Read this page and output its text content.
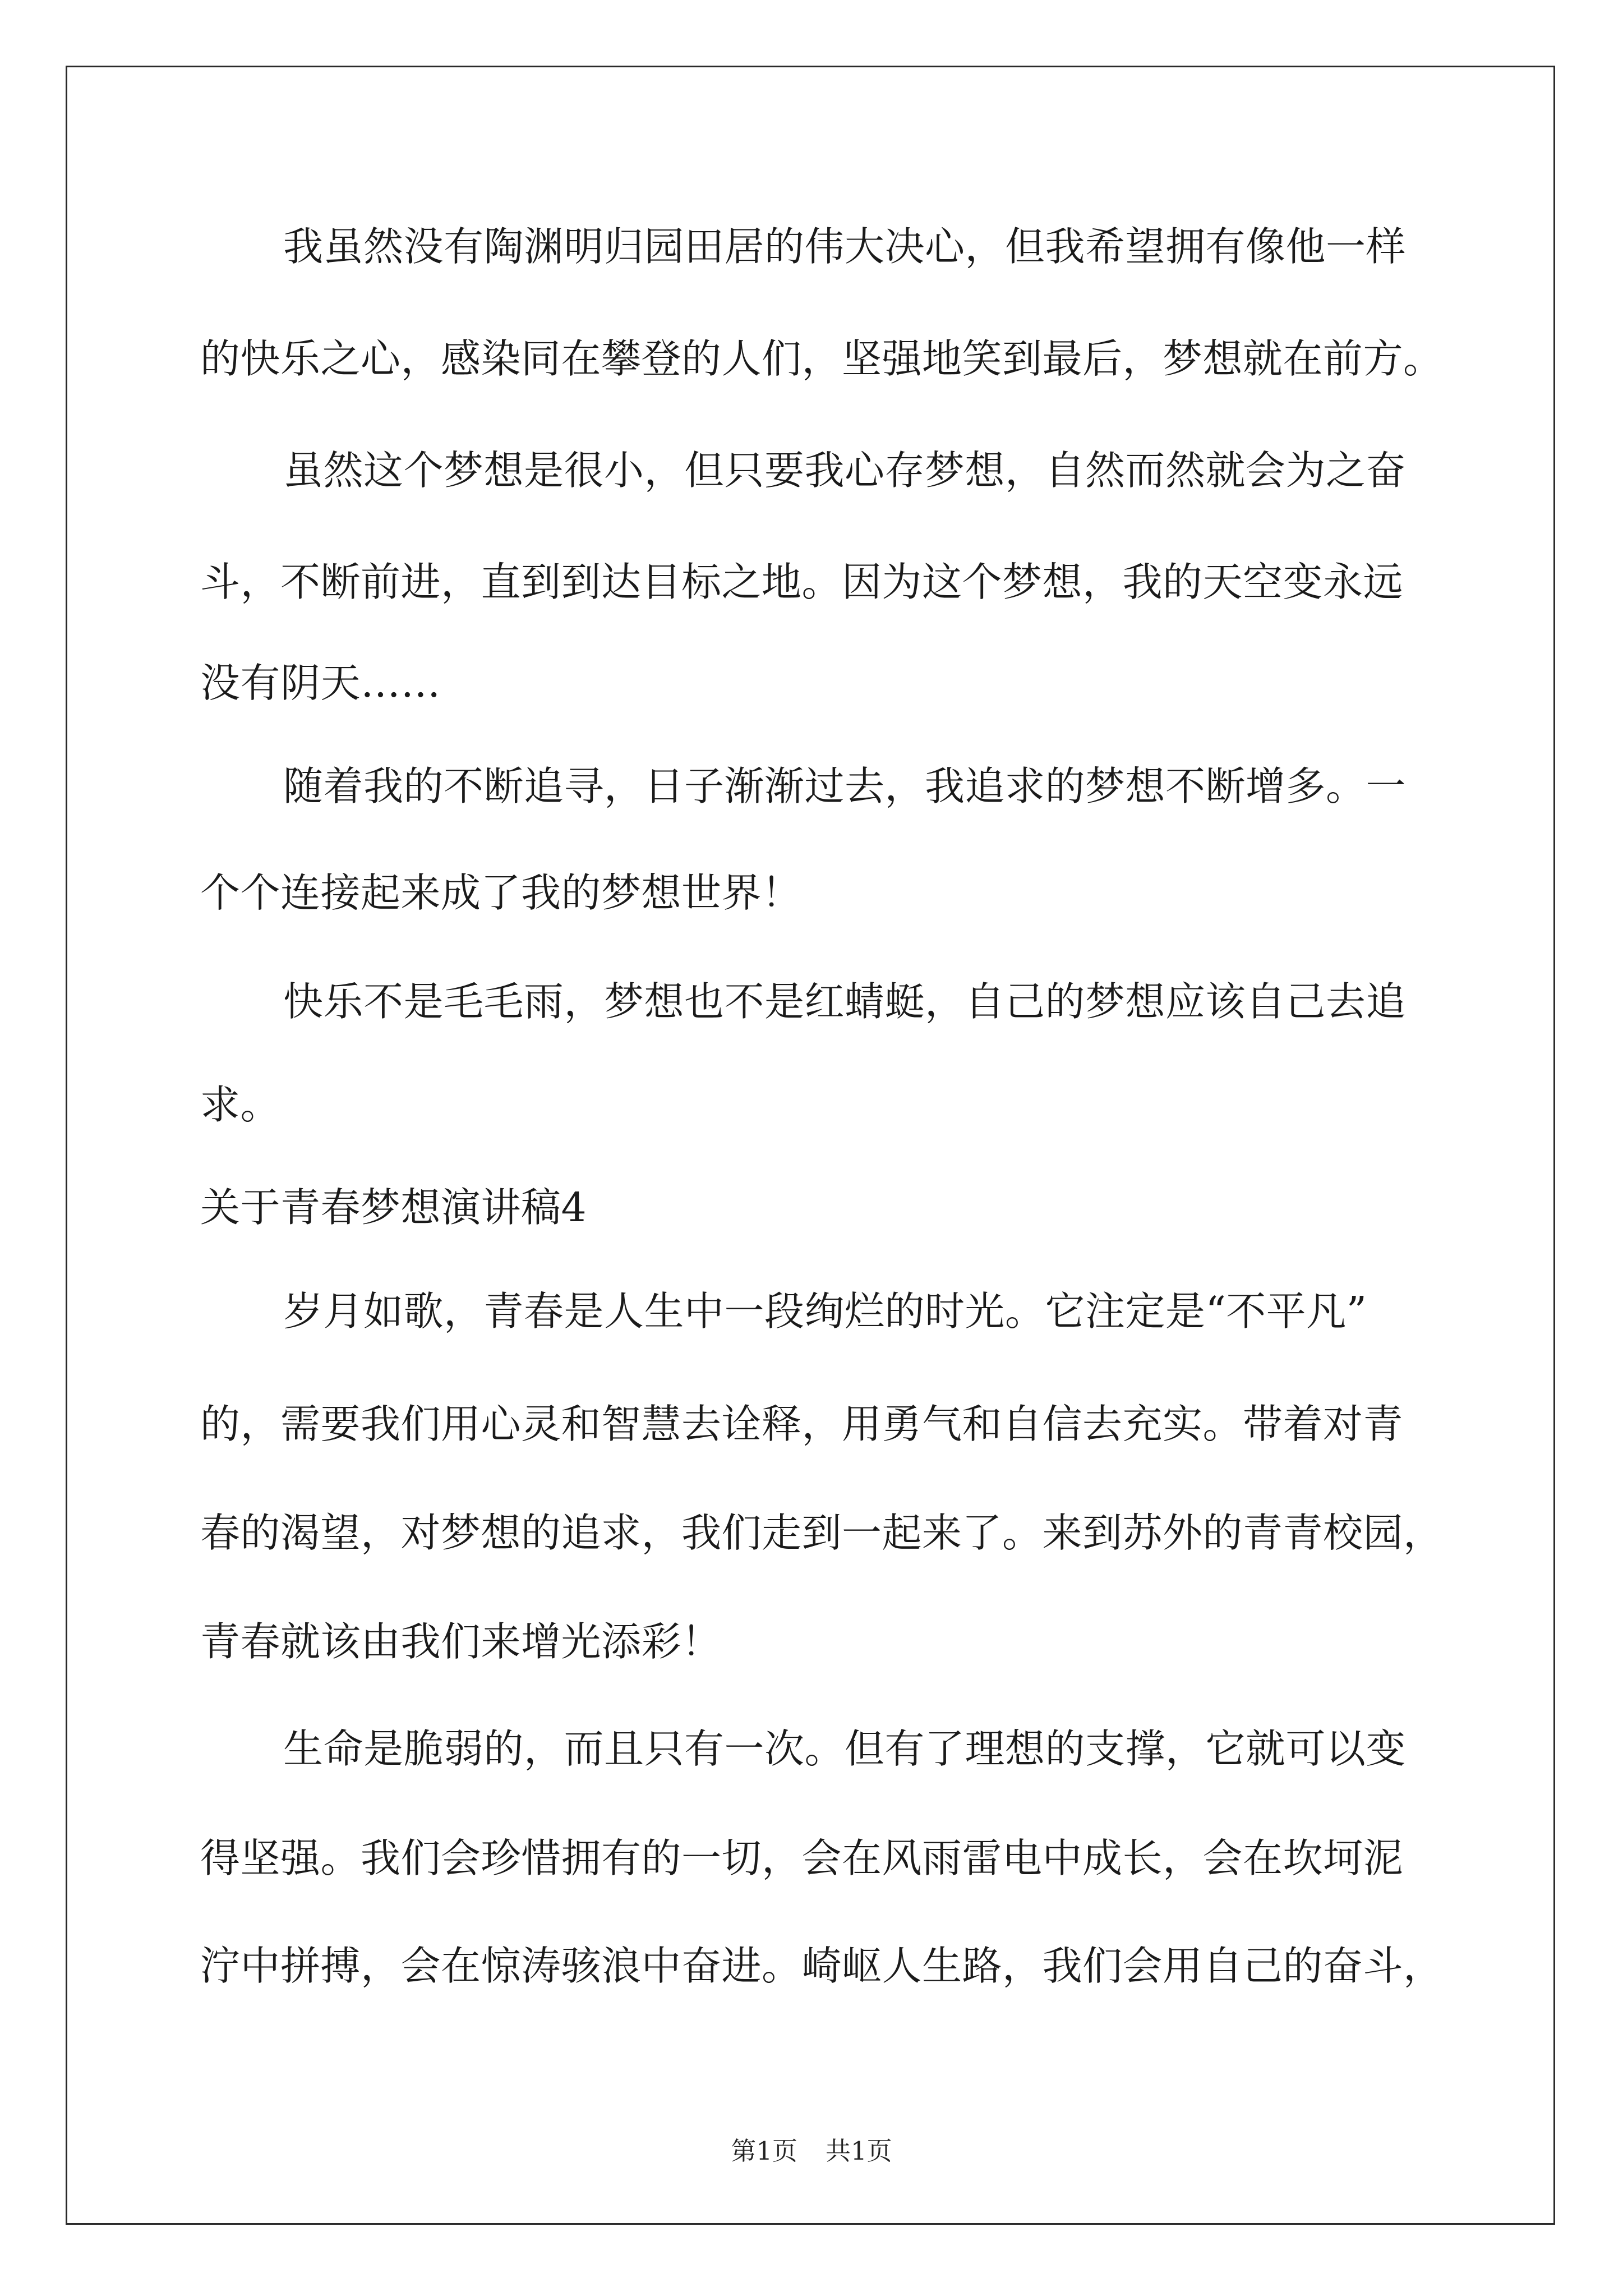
我虽然没有陶渊明归园田居的伟大决心，但我希望拥有像他一样
的快乐之心，感染同在攀登的人们，坚强地笑到最后，梦想就在前方。
虽然这个梦想是很小，但只要我心存梦想，自然而然就会为之奋
斗，不断前进，直到到达目标之地。因为这个梦想，我的天空变永远
没有阴天……
随着我的不断追寻，日子渐渐过去，我追求的梦想不断增多。一
个个连接起来成了我的梦想世界！
快乐不是毛毛雨，梦想也不是红蜻蜓，自己的梦想应该自己去追
求。
关于青春梦想演讲稿4
岁月如歌，青春是人生中一段绚烂的时光。它注定是“不平凡”
的，需要我们用心灵和智慧去诠释，用勇气和自信去充实。带着对青
春的渴望，对梦想的追求，我们走到一起来了。来到苏外的青青校园，
青春就该由我们来增光添彩！
生命是脆弱的，而且只有一次。但有了理想的支撑，它就可以变
得坚强。我们会珍惜拥有的一切，会在风雨雷电中成长，会在坎坷泥
泞中拼搏，会在惊涛骇浪中奋进。崎岖人生路，我们会用自己的奋斗，
第1页 共1页
